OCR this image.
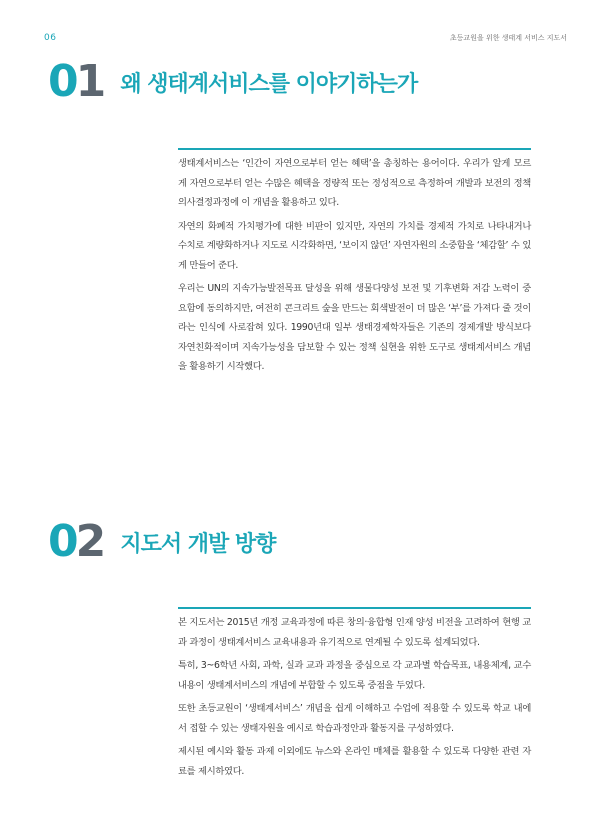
06	초등교원을 위한 생태계 서비스 지도서
01 왜 생태계서비스를 이야기하는가

생태계서비스는 ‘인간이 자연으로부터 얻는 혜택’을 총칭하는 용어이다. 우리가 알게 모르게 자연으로부터 얻는 수많은 혜택을 정량적 또는 정성적으로 측정하여 개발과 보전의 정책의사결정과정에 이 개념을 활용하고 있다.

자연의 화폐적 가치평가에 대한 비판이 있지만, 자연의 가치를 경제적 가치로 나타내거나 수치로 계량화하거나 지도로 시각화하면, ‘보이지 않던’ 자연자원의 소중함을 ‘체감할’ 수 있게 만들어 준다.

우리는 UN의 지속가능발전목표 달성을 위해 생물다양성 보전 및 기후변화 저감 노력이 중요함에 동의하지만, 여전히 콘크리트 숲을 만드는 회색발전이 더 많은 ‘부’를 가져다 줄 것이라는 인식에 사로잡혀 있다. 1990년대 일부 생태경제학자들은 기존의 경제개발 방식보다 자연친화적이며 지속가능성을 담보할 수 있는 정책 실현을 위한 도구로 생태계서비스 개념을 활용하기 시작했다.

02 지도서 개발 방향

본 지도서는 2015년 개정 교육과정에 따른 창의·융합형 인재 양성 비전을 고려하여 현행 교과 과정이 생태계서비스 교육내용과 유기적으로 연계될 수 있도록 설계되었다.

특히, 3~6학년 사회, 과학, 실과 교과 과정을 중심으로 각 교과별 학습목표, 내용체계, 교수내용이 생태계서비스의 개념에 부합할 수 있도록 중점을 두었다.

또한 초등교원이 ‘생태계서비스’ 개념을 쉽게 이해하고 수업에 적용할 수 있도록 학교 내에서 접할 수 있는 생태자원을 예시로 학습과정안과 활동지를 구성하였다.

제시된 예시와 활동 과제 이외에도 뉴스와 온라인 매체를 활용할 수 있도록 다양한 관련 자료를 제시하였다.
